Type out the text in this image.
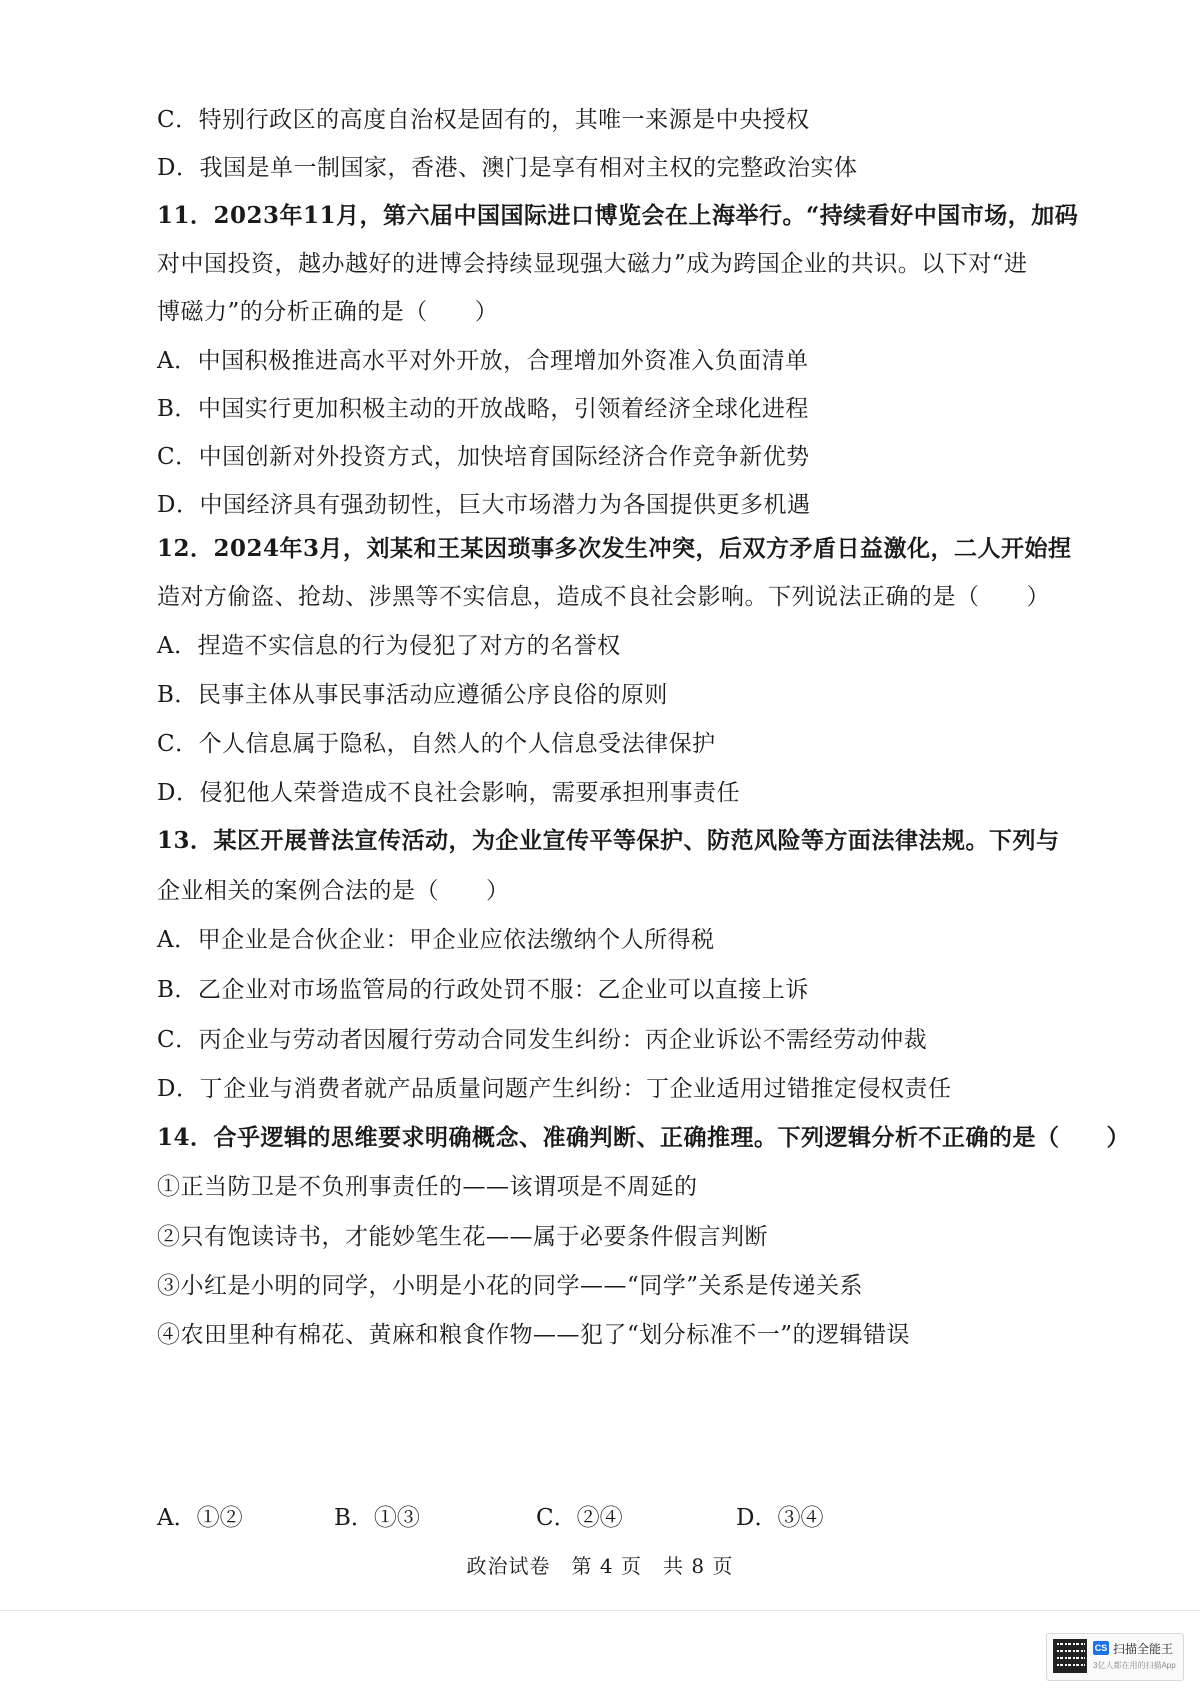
C．特别行政区的高度自治权是固有的，其唯一来源是中央授权
D．我国是单一制国家，香港、澳门是享有相对主权的完整政治实体
11．2023年11月，第六届中国国际进口博览会在上海举行。“持续看好中国市场，加码
对中国投资，越办越好的进博会持续显现强大磁力”成为跨国企业的共识。以下对“进
博磁力”的分析正确的是（　　）
A．中国积极推进高水平对外开放，合理增加外资准入负面清单
B．中国实行更加积极主动的开放战略，引领着经济全球化进程
C．中国创新对外投资方式，加快培育国际经济合作竞争新优势
D．中国经济具有强劲韧性，巨大市场潜力为各国提供更多机遇
12．2024年3月，刘某和王某因琐事多次发生冲突，后双方矛盾日益激化，二人开始捏
造对方偷盗、抢劫、涉黑等不实信息，造成不良社会影响。下列说法正确的是（　　）
A．捏造不实信息的行为侵犯了对方的名誉权
B．民事主体从事民事活动应遵循公序良俗的原则
C．个人信息属于隐私，自然人的个人信息受法律保护
D．侵犯他人荣誉造成不良社会影响，需要承担刑事责任
13．某区开展普法宣传活动，为企业宣传平等保护、防范风险等方面法律法规。下列与
企业相关的案例合法的是（　　）
A．甲企业是合伙企业：甲企业应依法缴纳个人所得税
B．乙企业对市场监管局的行政处罚不服：乙企业可以直接上诉
C．丙企业与劳动者因履行劳动合同发生纠纷：丙企业诉讼不需经劳动仲裁
D．丁企业与消费者就产品质量问题产生纠纷：丁企业适用过错推定侵权责任
14．合乎逻辑的思维要求明确概念、准确判断、正确推理。下列逻辑分析不正确的是（　　）
①正当防卫是不负刑事责任的——该谓项是不周延的
②只有饱读诗书，才能妙笔生花——属于必要条件假言判断
③小红是小明的同学，小明是小花的同学——“同学”关系是传递关系
④农田里种有棉花、黄麻和粮食作物——犯了“划分标准不一”的逻辑错误
A．①②	B．①③	C．②④	D．③④
政治试卷　第 4 页　共 8 页
CS 扫描全能王
3亿人都在用的扫描App
